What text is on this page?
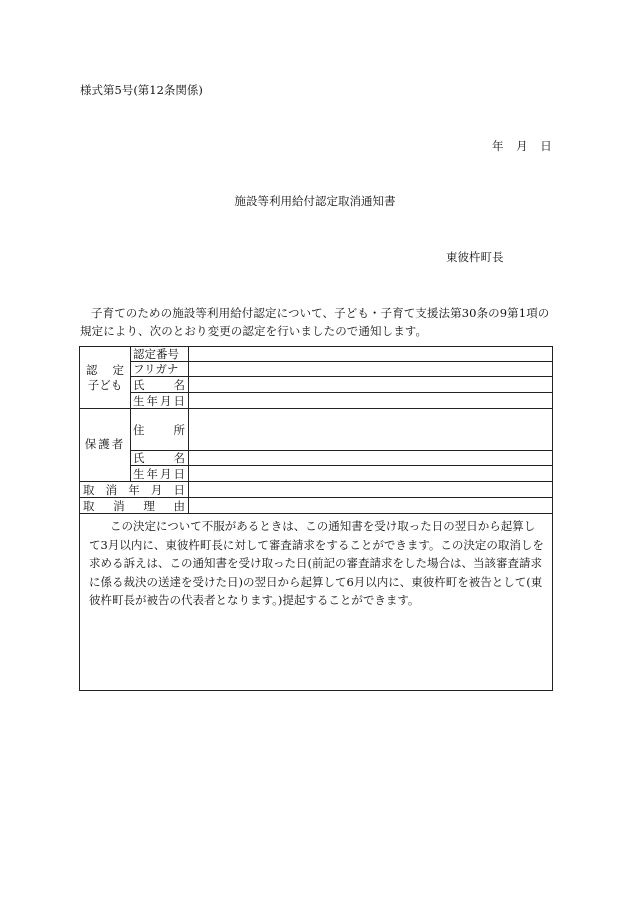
様式第5号(第12条関係)
年 月 日
施設等利用給付認定取消通知書
東彼杵町長
子育てのための施設等利用給付認定について、子ども・子育て支援法第30条の9第1項の規定により、次のとおり変更の認定を行いましたので通知します。
認 定
子ども
認定番号
フリガナ
氏名
生年月日
保護者
住所
氏名
生年月日
取消年月日
取消理由
この決定について不服があるときは、この通知書を受け取った日の翌日から起算して3月以内に、東彼杵町長に対して審査請求をすることができます。この決定の取消しを求める訴えは、この通知書を受け取った日(前記の審査請求をした場合は、当該審査請求に係る裁決の送達を受けた日)の翌日から起算して6月以内に、東彼杵町を被告として(東彼杵町長が被告の代表者となります。)提起することができます。
